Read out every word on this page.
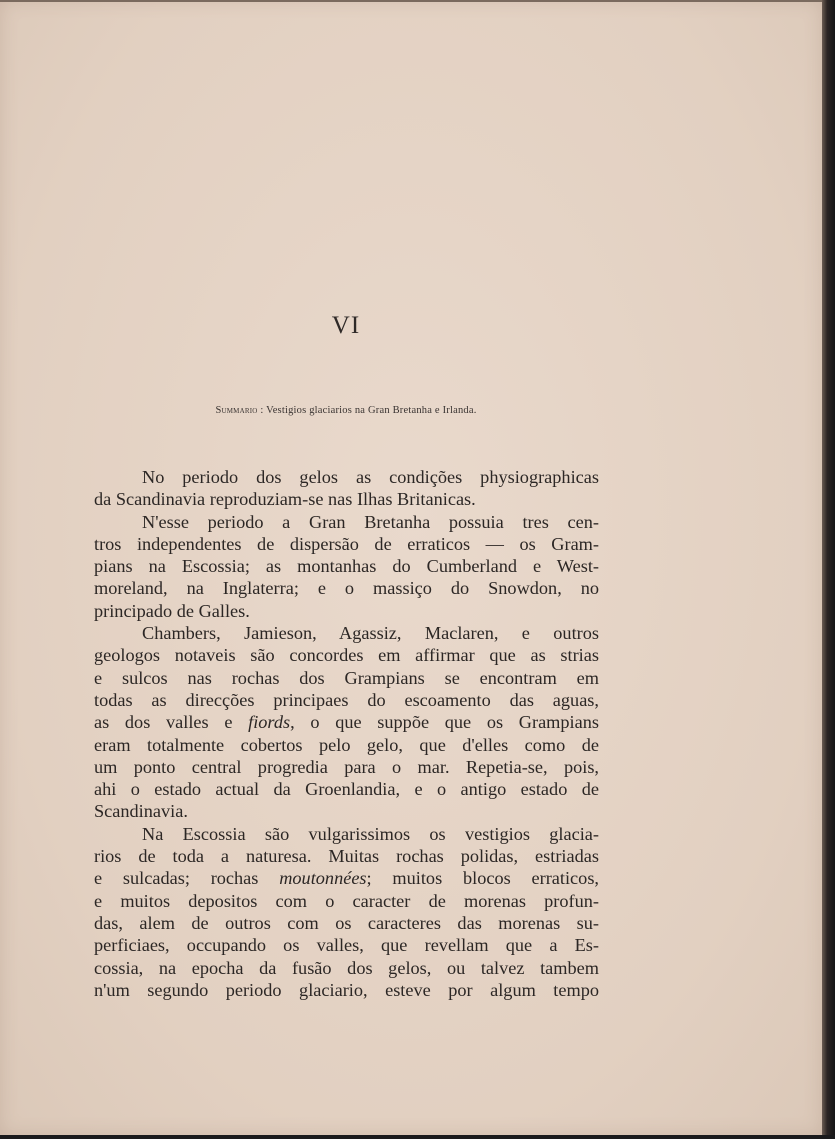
VI
Summario : Vestigios glaciarios na Gran Bretanha e Irlanda.
No periodo dos gelos as condições physiographicas
da Scandinavia reproduziam-se nas Ilhas Britanicas.
N'esse periodo a Gran Bretanha possuia tres cen-
tros independentes de dispersão de erraticos — os Gram-
pians na Escossia; as montanhas do Cumberland e West-
moreland, na Inglaterra; e o massiço do Snowdon, no
principado de Galles.
Chambers, Jamieson, Agassiz, Maclaren, e outros
geologos notaveis são concordes em affirmar que as strias
e sulcos nas rochas dos Grampians se encontram em
todas as direcções principaes do escoamento das aguas,
as dos valles e fiords, o que suppõe que os Grampians
eram totalmente cobertos pelo gelo, que d'elles como de
um ponto central progredia para o mar. Repetia-se, pois,
ahi o estado actual da Groenlandia, e o antigo estado de
Scandinavia.
Na Escossia são vulgarissimos os vestigios glacia-
rios de toda a naturesa. Muitas rochas polidas, estriadas
e sulcadas; rochas moutonnées; muitos blocos erraticos,
e muitos depositos com o caracter de morenas profun-
das, alem de outros com os caracteres das morenas su-
perficiaes, occupando os valles, que revellam que a Es-
cossia, na epocha da fusão dos gelos, ou talvez tambem
n'um segundo periodo glaciario, esteve por algum tempo
